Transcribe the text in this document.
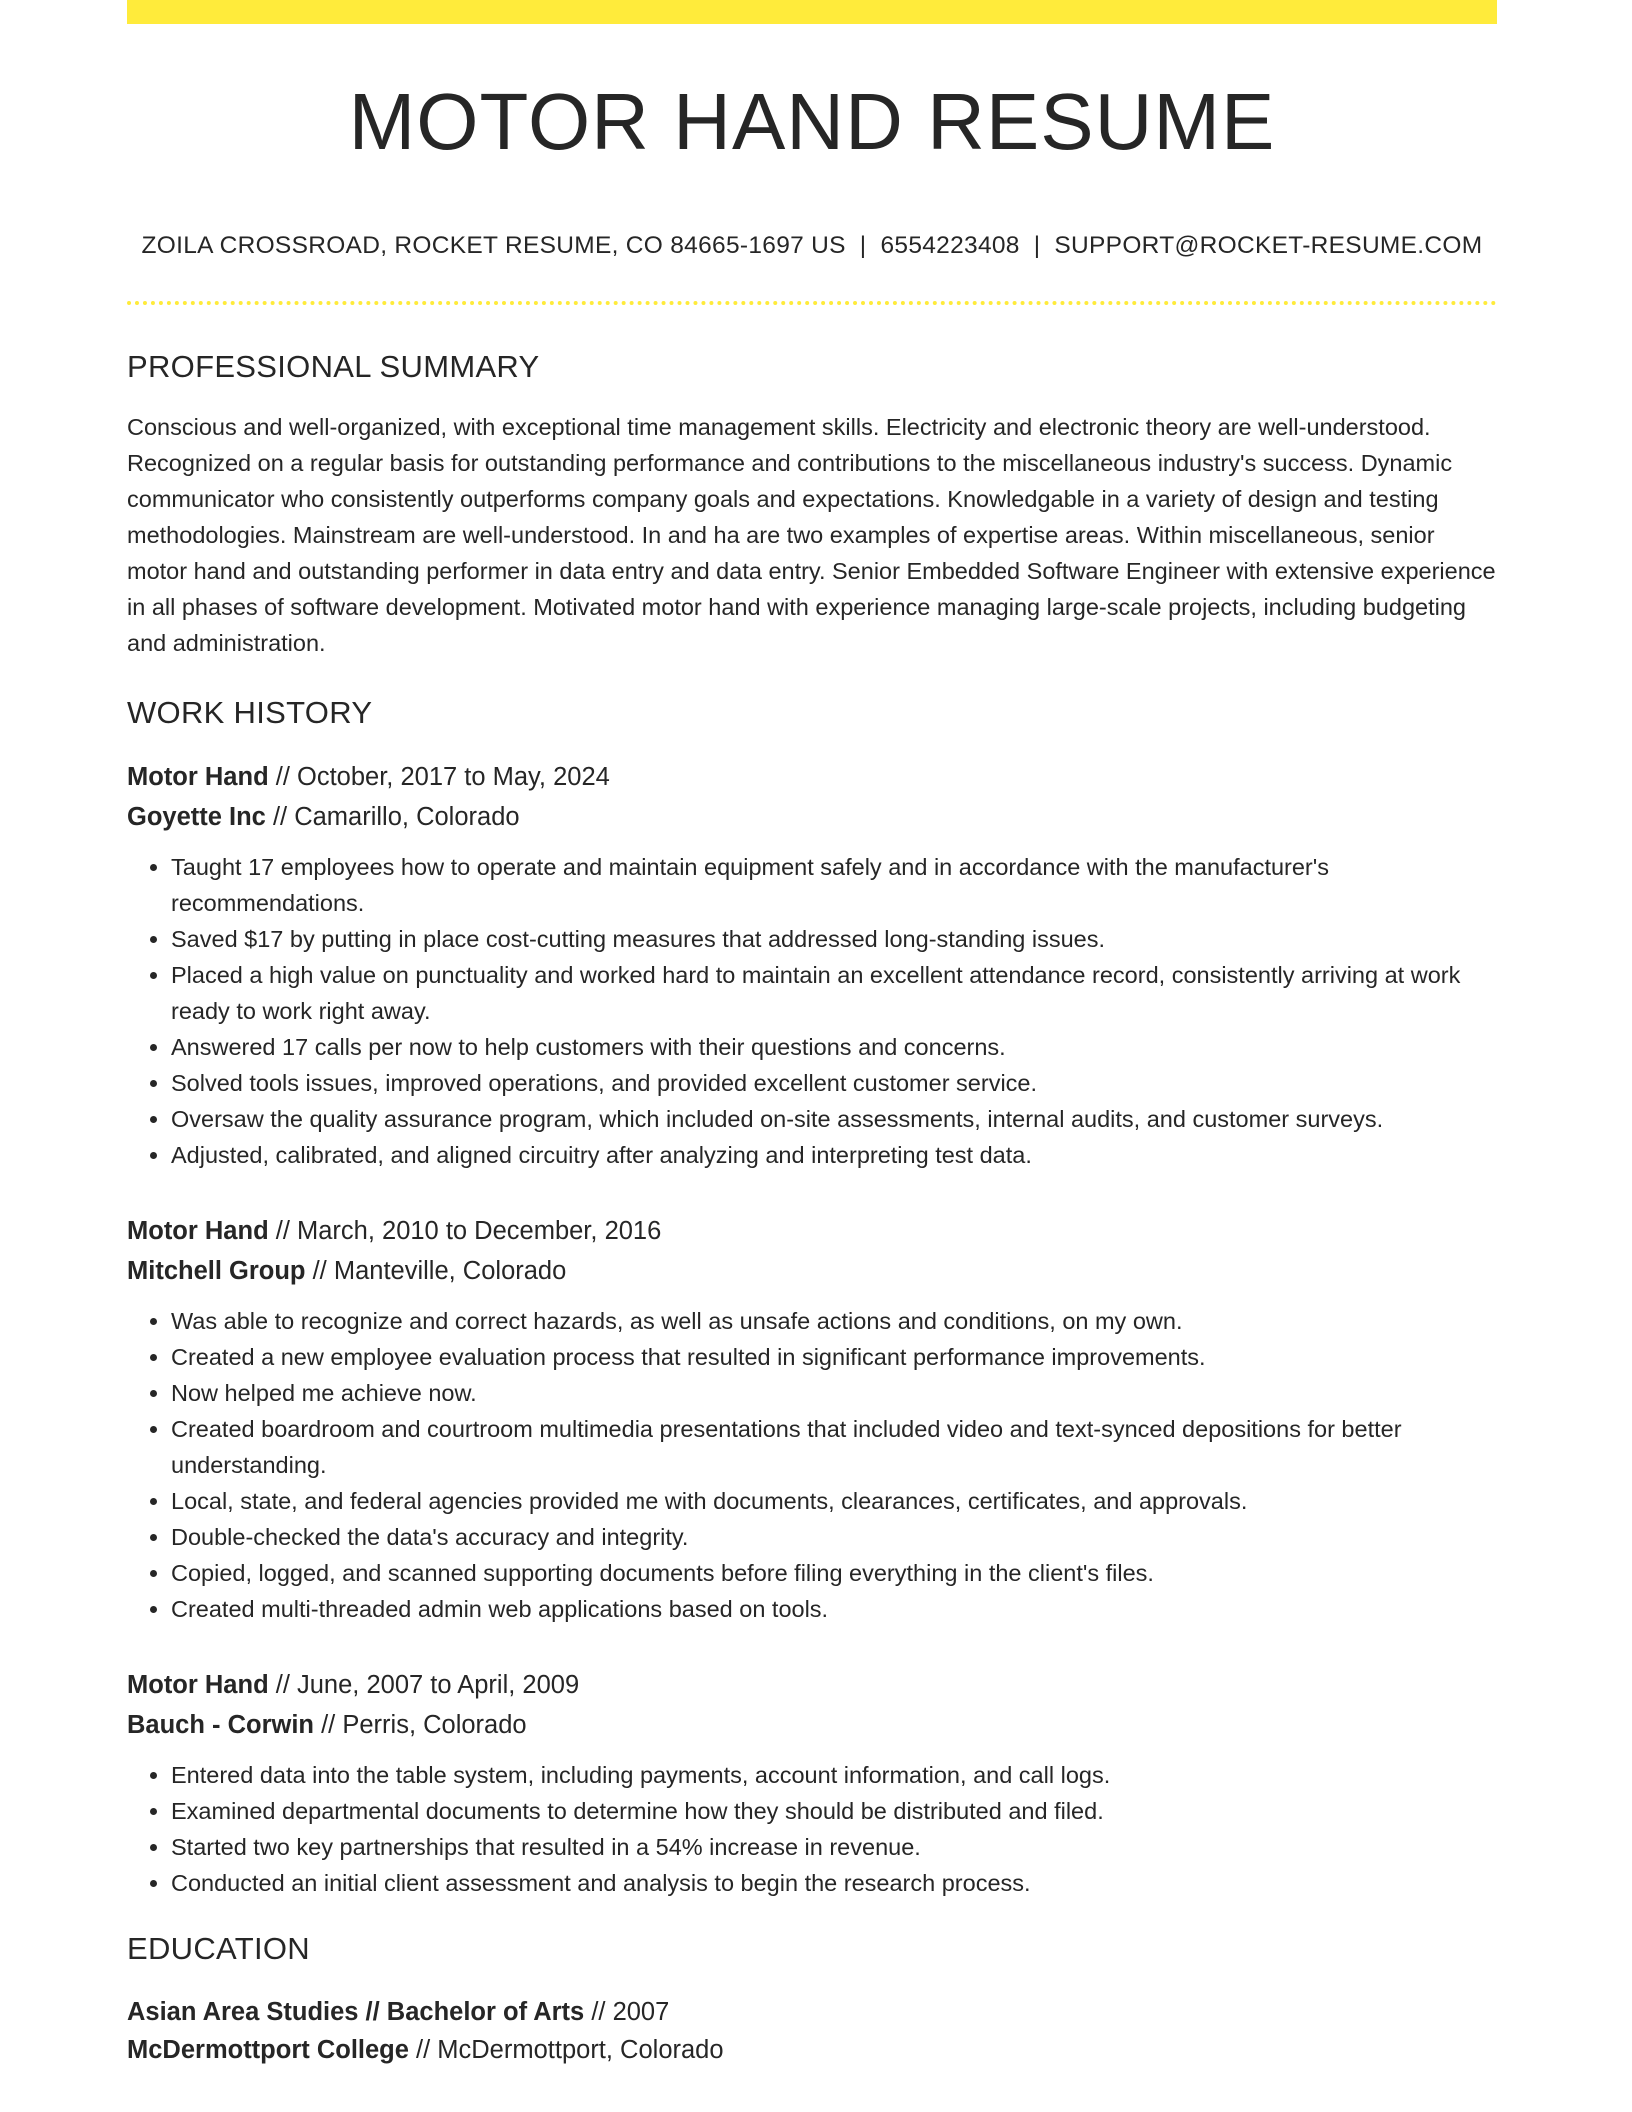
MOTOR HAND RESUME
ZOILA CROSSROAD, ROCKET RESUME, CO 84665-1697 US | 6554223408 | SUPPORT@ROCKET-RESUME.COM
PROFESSIONAL SUMMARY

Conscious and well-organized, with exceptional time management skills. Electricity and electronic theory are well-understood. Recognized on a regular basis for outstanding performance and contributions to the miscellaneous industry's success. Dynamic communicator who consistently outperforms company goals and expectations. Knowledgable in a variety of design and testing methodologies. Mainstream are well-understood. In and ha are two examples of expertise areas. Within miscellaneous, senior motor hand and outstanding performer in data entry and data entry. Senior Embedded Software Engineer with extensive experience in all phases of software development. Motivated motor hand with experience managing large-scale projects, including budgeting and administration.

WORK HISTORY
Motor Hand // October, 2017 to May, 2024
Goyette Inc // Camarillo, Colorado
• Taught 17 employees how to operate and maintain equipment safely and in accordance with the manufacturer's recommendations.
• Saved $17 by putting in place cost-cutting measures that addressed long-standing issues.
• Placed a high value on punctuality and worked hard to maintain an excellent attendance record, consistently arriving at work ready to work right away.
• Answered 17 calls per now to help customers with their questions and concerns.
• Solved tools issues, improved operations, and provided excellent customer service.
• Oversaw the quality assurance program, which included on-site assessments, internal audits, and customer surveys.
• Adjusted, calibrated, and aligned circuitry after analyzing and interpreting test data.
Motor Hand // March, 2010 to December, 2016
Mitchell Group // Manteville, Colorado
• Was able to recognize and correct hazards, as well as unsafe actions and conditions, on my own.
• Created a new employee evaluation process that resulted in significant performance improvements.
• Now helped me achieve now.
• Created boardroom and courtroom multimedia presentations that included video and text-synced depositions for better understanding.
• Local, state, and federal agencies provided me with documents, clearances, certificates, and approvals.
• Double-checked the data's accuracy and integrity.
• Copied, logged, and scanned supporting documents before filing everything in the client's files.
• Created multi-threaded admin web applications based on tools.
Motor Hand // June, 2007 to April, 2009
Bauch - Corwin // Perris, Colorado
• Entered data into the table system, including payments, account information, and call logs.
• Examined departmental documents to determine how they should be distributed and filed.
• Started two key partnerships that resulted in a 54% increase in revenue.
• Conducted an initial client assessment and analysis to begin the research process.
EDUCATION
Asian Area Studies // Bachelor of Arts // 2007
McDermottport College // McDermottport, Colorado
